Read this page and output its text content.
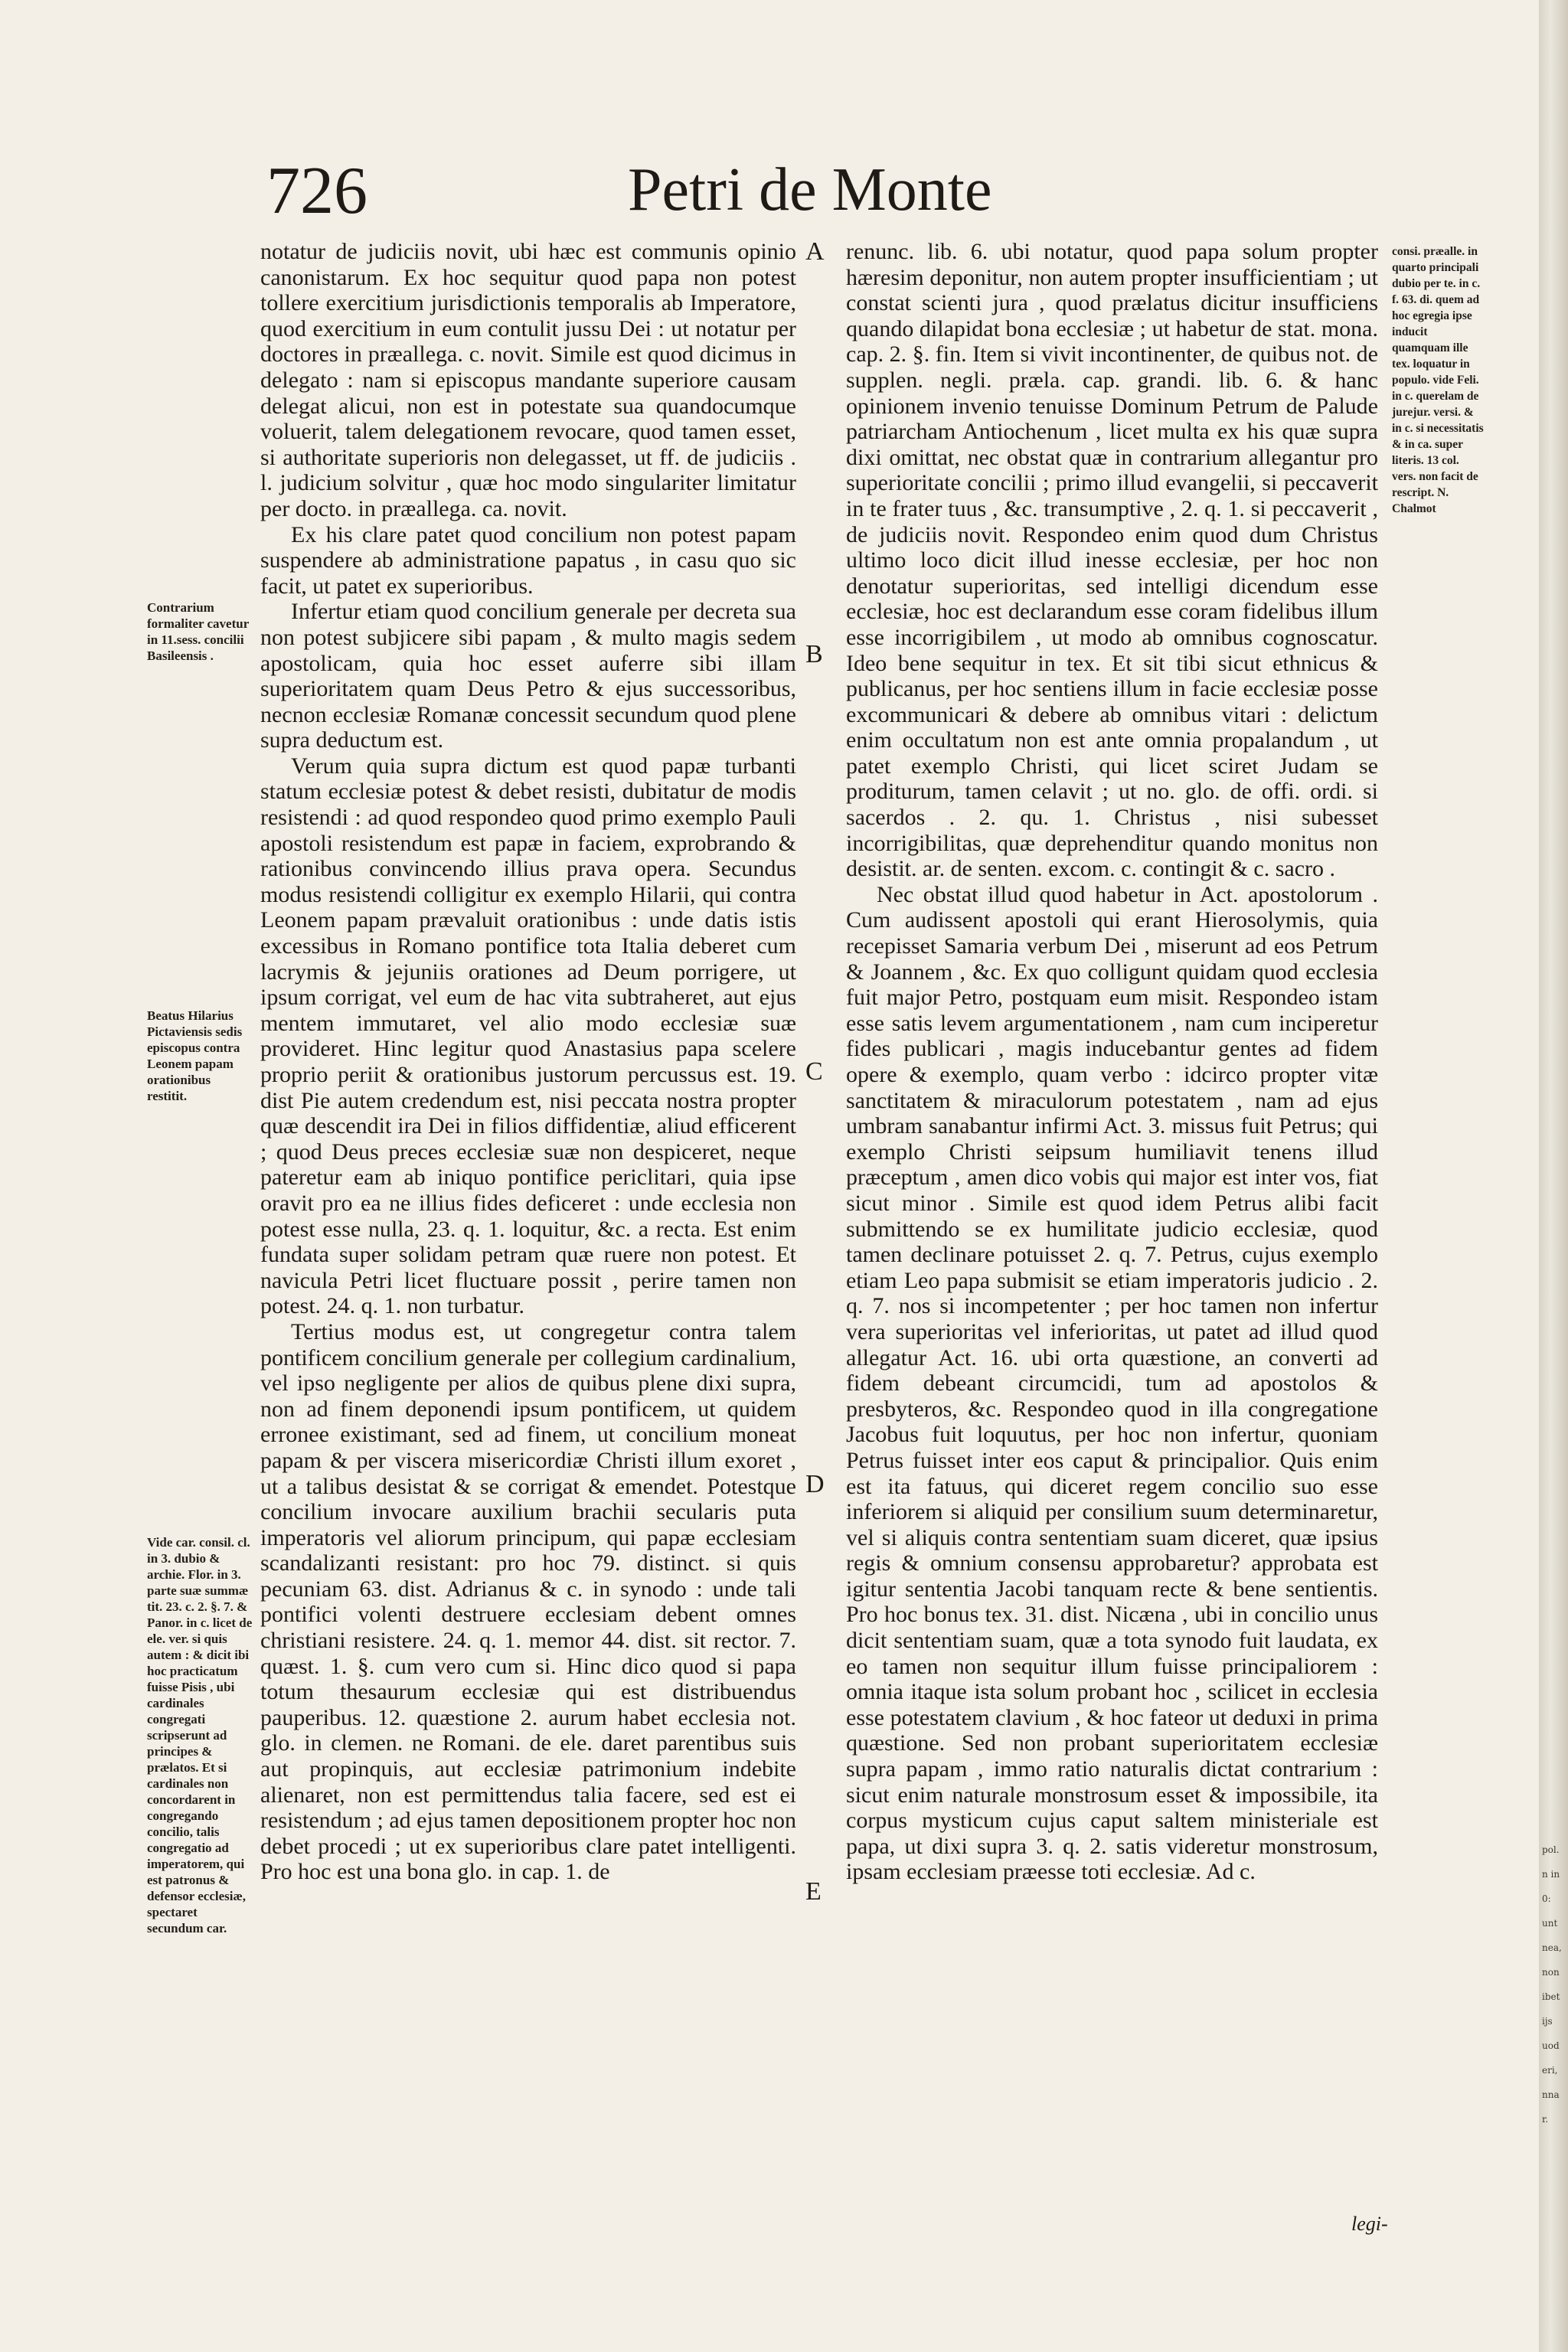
726	Petri de Monte
Contrarium formaliter cavetur in 11.sess. concilii Basileensis .
Beatus Hilarius Pictaviensis sedis episcopus contra Leonem papam orationibus restitit.
Vide car. consil. cl. in 3. dubio & archie. Flor. in 3. parte suæ summæ tit. 23. c. 2. §. 7. & Panor. in c. licet de ele. ver. si quis autem : & dicit ibi hoc practicatum fuisse Pisis , ubi cardinales congregati scripserunt ad principes & prælatos. Et si cardinales non concordarent in congregando concilio, talis congregatio ad imperatorem, qui est patronus & defensor ecclesiæ, spectaret secundum car.

notatur de judiciis novit, ubi hæc est communis opinio canonistarum. Ex hoc sequitur quod papa non potest tollere exercitium jurisdictionis temporalis ab Imperatore, quod exercitium in eum contulit jussu Dei : ut notatur per doctores in præallega. c. novit. Simile est quod dicimus in delegato : nam si episcopus mandante superiore causam delegat alicui, non est in potestate sua quandocumque voluerit, talem delegationem revocare, quod tamen esset, si authoritate superioris non delegasset, ut ff. de judiciis . l. judicium solvitur , quæ hoc modo singulariter limitatur per docto. in præallega. ca. novit.

Ex his clare patet quod concilium non potest papam suspendere ab administratione papatus , in casu quo sic facit, ut patet ex superioribus.

Infertur etiam quod concilium generale per decreta sua non potest subjicere sibi papam , & multo magis sedem apostolicam, quia hoc esset auferre sibi illam superioritatem quam Deus Petro & ejus successoribus, necnon ecclesiæ Romanæ concessit secundum quod plene supra deductum est.

Verum quia supra dictum est quod papæ turbanti statum ecclesiæ potest & debet resisti, dubitatur de modis resistendi : ad quod respondeo quod primo exemplo Pauli apostoli resistendum est papæ in faciem, exprobrando & rationibus convincendo illius prava opera. Secundus modus resistendi colligitur ex exemplo Hilarii, qui contra Leonem papam prævaluit orationibus : unde datis istis excessibus in Romano pontifice tota Italia deberet cum lacrymis & jejuniis orationes ad Deum porrigere, ut ipsum corrigat, vel eum de hac vita subtraheret, aut ejus mentem immutaret, vel alio modo ecclesiæ suæ provideret. Hinc legitur quod Anastasius papa scelere proprio periit & orationibus justorum percussus est. 19. dist Pie autem credendum est, nisi peccata nostra propter quæ descendit ira Dei in filios diffidentiæ, aliud efficerent ; quod Deus preces ecclesiæ suæ non despiceret, neque pateretur eam ab iniquo pontifice periclitari, quia ipse oravit pro ea ne illius fides deficeret : unde ecclesia non potest esse nulla, 23. q. 1. loquitur, &c. a recta. Est enim fundata super solidam petram quæ ruere non potest. Et navicula Petri licet fluctuare possit , perire tamen non potest. 24. q. 1. non turbatur.

Tertius modus est, ut congregetur contra talem pontificem concilium generale per collegium cardinalium, vel ipso negligente per alios de quibus plene dixi supra, non ad finem deponendi ipsum pontificem, ut quidem erronee existimant, sed ad finem, ut concilium moneat papam & per viscera misericordiæ Christi illum exoret , ut a talibus desistat & se corrigat & emendet. Potestque concilium invocare auxilium brachii secularis puta imperatoris vel aliorum principum, qui papæ ecclesiam scandalizanti resistant: pro hoc 79. distinct. si quis pecuniam 63. dist. Adrianus & c. in synodo : unde tali pontifici volenti destruere ecclesiam debent omnes christiani resistere. 24. q. 1. memor 44. dist. sit rector. 7. quæst. 1. §. cum vero cum si. Hinc dico quod si papa totum thesaurum ecclesiæ qui est distribuendus pauperibus. 12. quæstione 2. aurum habet ecclesia not. glo. in clemen. ne Romani. de ele. daret parentibus suis aut propinquis, aut ecclesiæ patrimonium indebite alienaret, non est permittendus talia facere, sed est ei resistendum ; ad ejus tamen depositionem propter hoc non debet procedi ; ut ex superioribus clare patet intelligenti. Pro hoc est una bona glo. in cap. 1. de

A
B
C
D
E

renunc. lib. 6. ubi notatur, quod papa solum propter hæresim deponitur, non autem propter insufficientiam ; ut constat scienti jura , quod prælatus dicitur insufficiens quando dilapidat bona ecclesiæ ; ut habetur de stat. mona. cap. 2. §. fin. Item si vivit incontinenter, de quibus not. de supplen. negli. præla. cap. grandi. lib. 6. & hanc opinionem invenio tenuisse Dominum Petrum de Palude patriarcham Antiochenum , licet multa ex his quæ supra dixi omittat, nec obstat quæ in contrarium allegantur pro superioritate concilii ; primo illud evangelii, si peccaverit in te frater tuus , &c. transumptive , 2. q. 1. si peccaverit , de judiciis novit. Respondeo enim quod dum Christus ultimo loco dicit illud inesse ecclesiæ, per hoc non denotatur superioritas, sed intelligi dicendum esse ecclesiæ, hoc est declarandum esse coram fidelibus illum esse incorrigibilem , ut modo ab omnibus cognoscatur. Ideo bene sequitur in tex. Et sit tibi sicut ethnicus & publicanus, per hoc sentiens illum in facie ecclesiæ posse excommunicari & debere ab omnibus vitari : delictum enim occultatum non est ante omnia propalandum , ut patet exemplo Christi, qui licet sciret Judam se proditurum, tamen celavit ; ut no. glo. de offi. ordi. si sacerdos . 2. qu. 1. Christus , nisi subesset incorrigibilitas, quæ deprehenditur quando monitus non desistit. ar. de senten. excom. c. contingit & c. sacro .

Nec obstat illud quod habetur in Act. apostolorum . Cum audissent apostoli qui erant Hierosolymis, quia recepisset Samaria verbum Dei , miserunt ad eos Petrum & Joannem , &c. Ex quo colligunt quidam quod ecclesia fuit major Petro, postquam eum misit. Respondeo istam esse satis levem argumentationem , nam cum inciperetur fides publicari , magis inducebantur gentes ad fidem opere & exemplo, quam verbo : idcirco propter vitæ sanctitatem & miraculorum potestatem , nam ad ejus umbram sanabantur infirmi Act. 3. missus fuit Petrus; qui exemplo Christi seipsum humiliavit tenens illud præceptum , amen dico vobis qui major est inter vos, fiat sicut minor . Simile est quod idem Petrus alibi facit submittendo se ex humilitate judicio ecclesiæ, quod tamen declinare potuisset 2. q. 7. Petrus, cujus exemplo etiam Leo papa submisit se etiam imperatoris judicio . 2. q. 7. nos si incompetenter ; per hoc tamen non infertur vera superioritas vel inferioritas, ut patet ad illud quod allegatur Act. 16. ubi orta quæstione, an converti ad fidem debeant circumcidi, tum ad apostolos & presbyteros, &c. Respondeo quod in illa congregatione Jacobus fuit loquutus, per hoc non infertur, quoniam Petrus fuisset inter eos caput & principalior. Quis enim est ita fatuus, qui diceret regem concilio suo esse inferiorem si aliquid per consilium suum determinaretur, vel si aliquis contra sententiam suam diceret, quæ ipsius regis & omnium consensu approbaretur? approbata est igitur sententia Jacobi tanquam recte & bene sentientis. Pro hoc bonus tex. 31. dist. Nicæna , ubi in concilio unus dicit sententiam suam, quæ a tota synodo fuit laudata, ex eo tamen non sequitur illum fuisse principaliorem : omnia itaque ista solum probant hoc , scilicet in ecclesia esse potestatem clavium , & hoc fateor ut deduxi in prima quæstione. Sed non probant superioritatem ecclesiæ supra papam , immo ratio naturalis dictat contrarium : sicut enim naturale monstrosum esset & impossibile, ita corpus mysticum cujus caput saltem ministeriale est papa, ut dixi supra 3. q. 2. satis videretur monstrosum, ipsam ecclesiam præesse toti ecclesiæ. Ad c.

consi. præalle. in quarto principali dubio per te. in c. f. 63. di. quem ad hoc egregia ipse inducit quamquam ille tex. loquatur in populo. vide Feli. in c. querelam de jurejur. versi. & in c. si necessitatis & in ca. super literis. 13 col. vers. non facit de rescript. N. Chalmot
legi-
pol.
n in
0:
unt
nea,
non
ibet
ijs
uod
eri,
nna
r.
